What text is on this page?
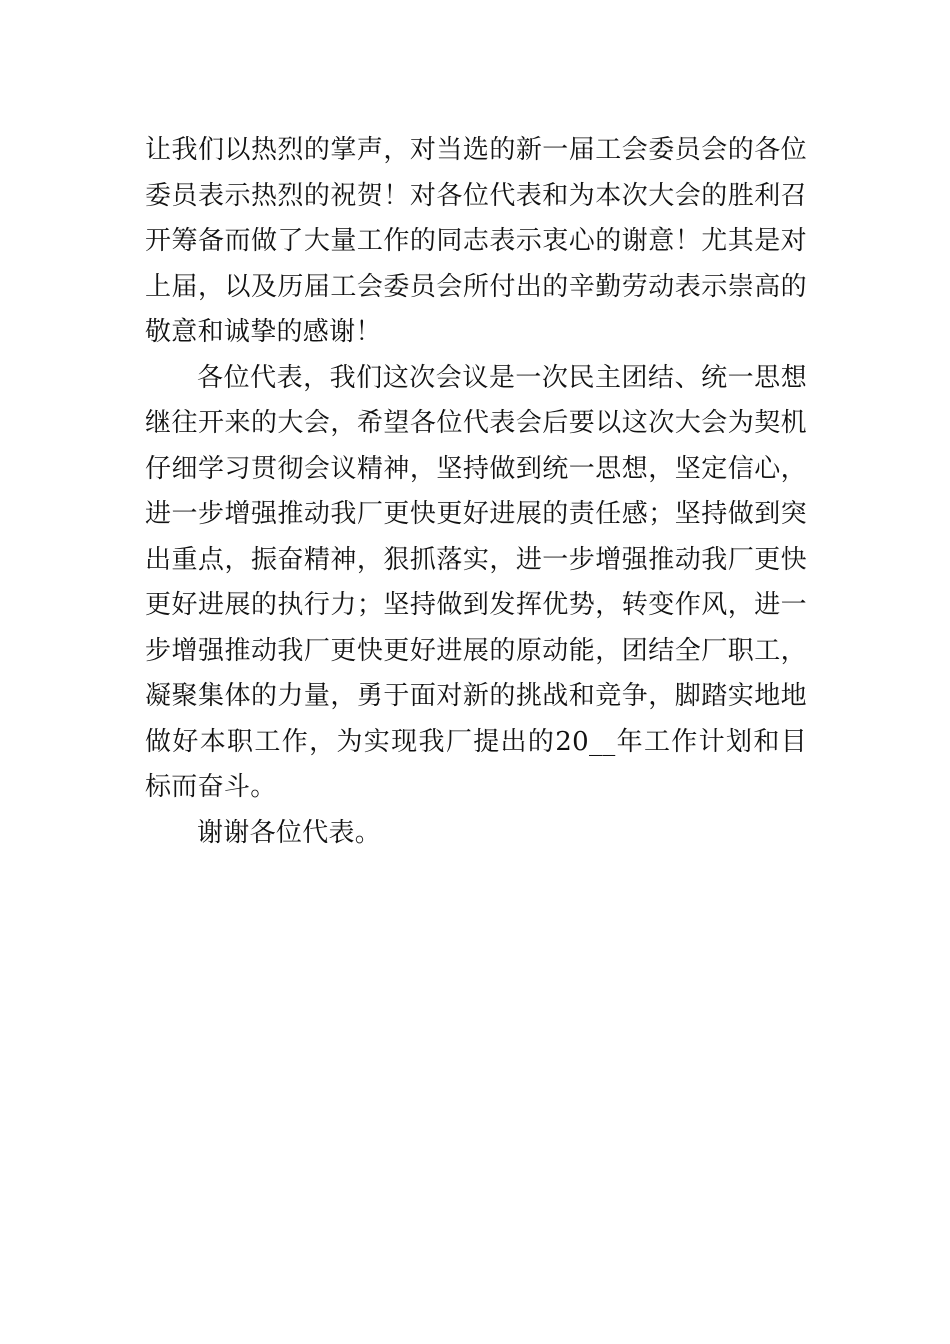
让我们以热烈的掌声，对当选的新一届工会委员会的各位委员表示热烈的祝贺！对各位代表和为本次大会的胜利召开筹备而做了大量工作的同志表示衷心的谢意！尤其是对上届，以及历届工会委员会所付出的辛勤劳动表示崇高的敬意和诚挚的感谢！

各位代表，我们这次会议是一次民主团结、统一思想继往开来的大会，希望各位代表会后要以这次大会为契机仔细学习贯彻会议精神，坚持做到统一思想，坚定信心，进一步增强推动我厂更快更好进展的责任感；坚持做到突出重点，振奋精神，狠抓落实，进一步增强推动我厂更快更好进展的执行力；坚持做到发挥优势，转变作风，进一步增强推动我厂更快更好进展的原动能，团结全厂职工，凝聚集体的力量，勇于面对新的挑战和竞争，脚踏实地地做好本职工作，为实现我厂提出的20__年工作计划和目标而奋斗。

谢谢各位代表。
